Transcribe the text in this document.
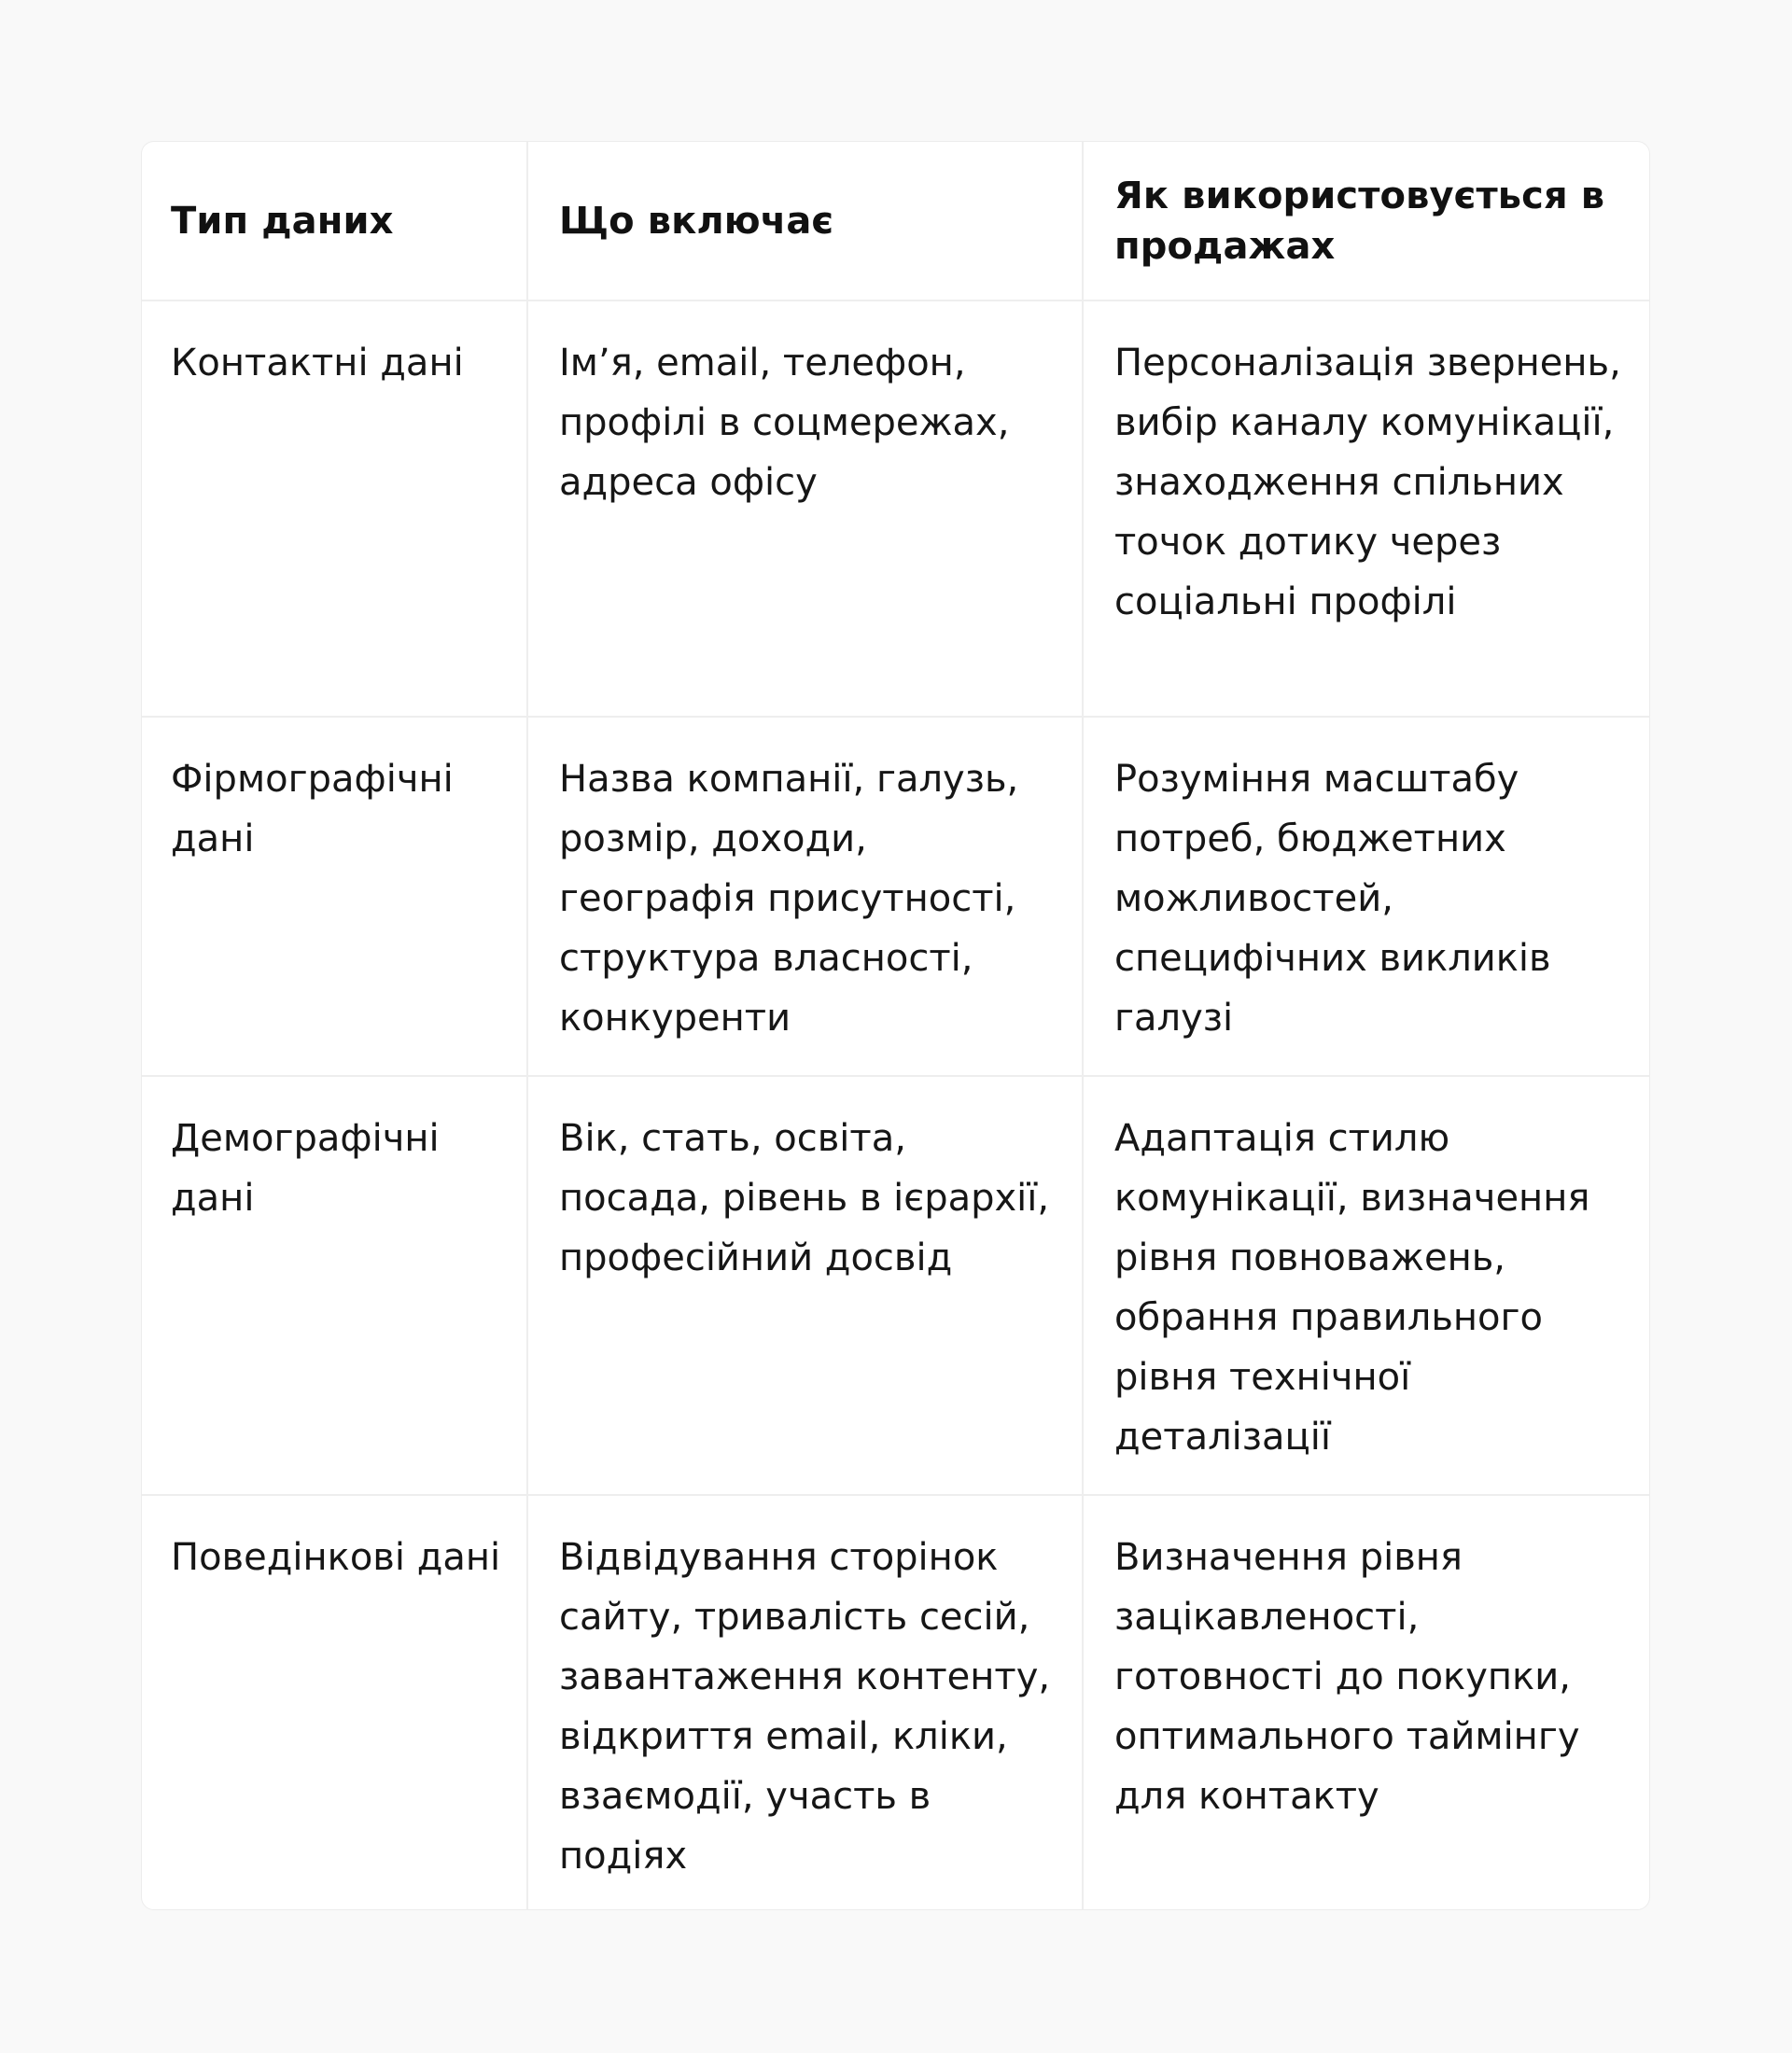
Тип даних	Що включає	Як використовується в продажах

Контактні дані	Ім’я, email, телефон, профілі в соцмережах, адреса офісу	Персоналізація звернень, вибір каналу комунікації, знаходження спільних точок дотику через соціальні профілі

Фірмографічні дані	Назва компанії, галузь, розмір, доходи, географія присутності, структура власності, конкуренти	Розуміння масштабу потреб, бюджетних можливостей, специфічних викликів галузі

Демографічні дані	Вік, стать, освіта, посада, рівень в ієрархії, професійний досвід	Адаптація стилю комунікації, визначення рівня повноважень, обрання правильного рівня технічної деталізації

Поведінкові дані	Відвідування сторінок сайту, тривалість сесій, завантаження контенту, відкриття email, кліки, взаємодії, участь в подіях	Визначення рівня зацікавленості, готовності до покупки, оптимального таймінгу для контакту
